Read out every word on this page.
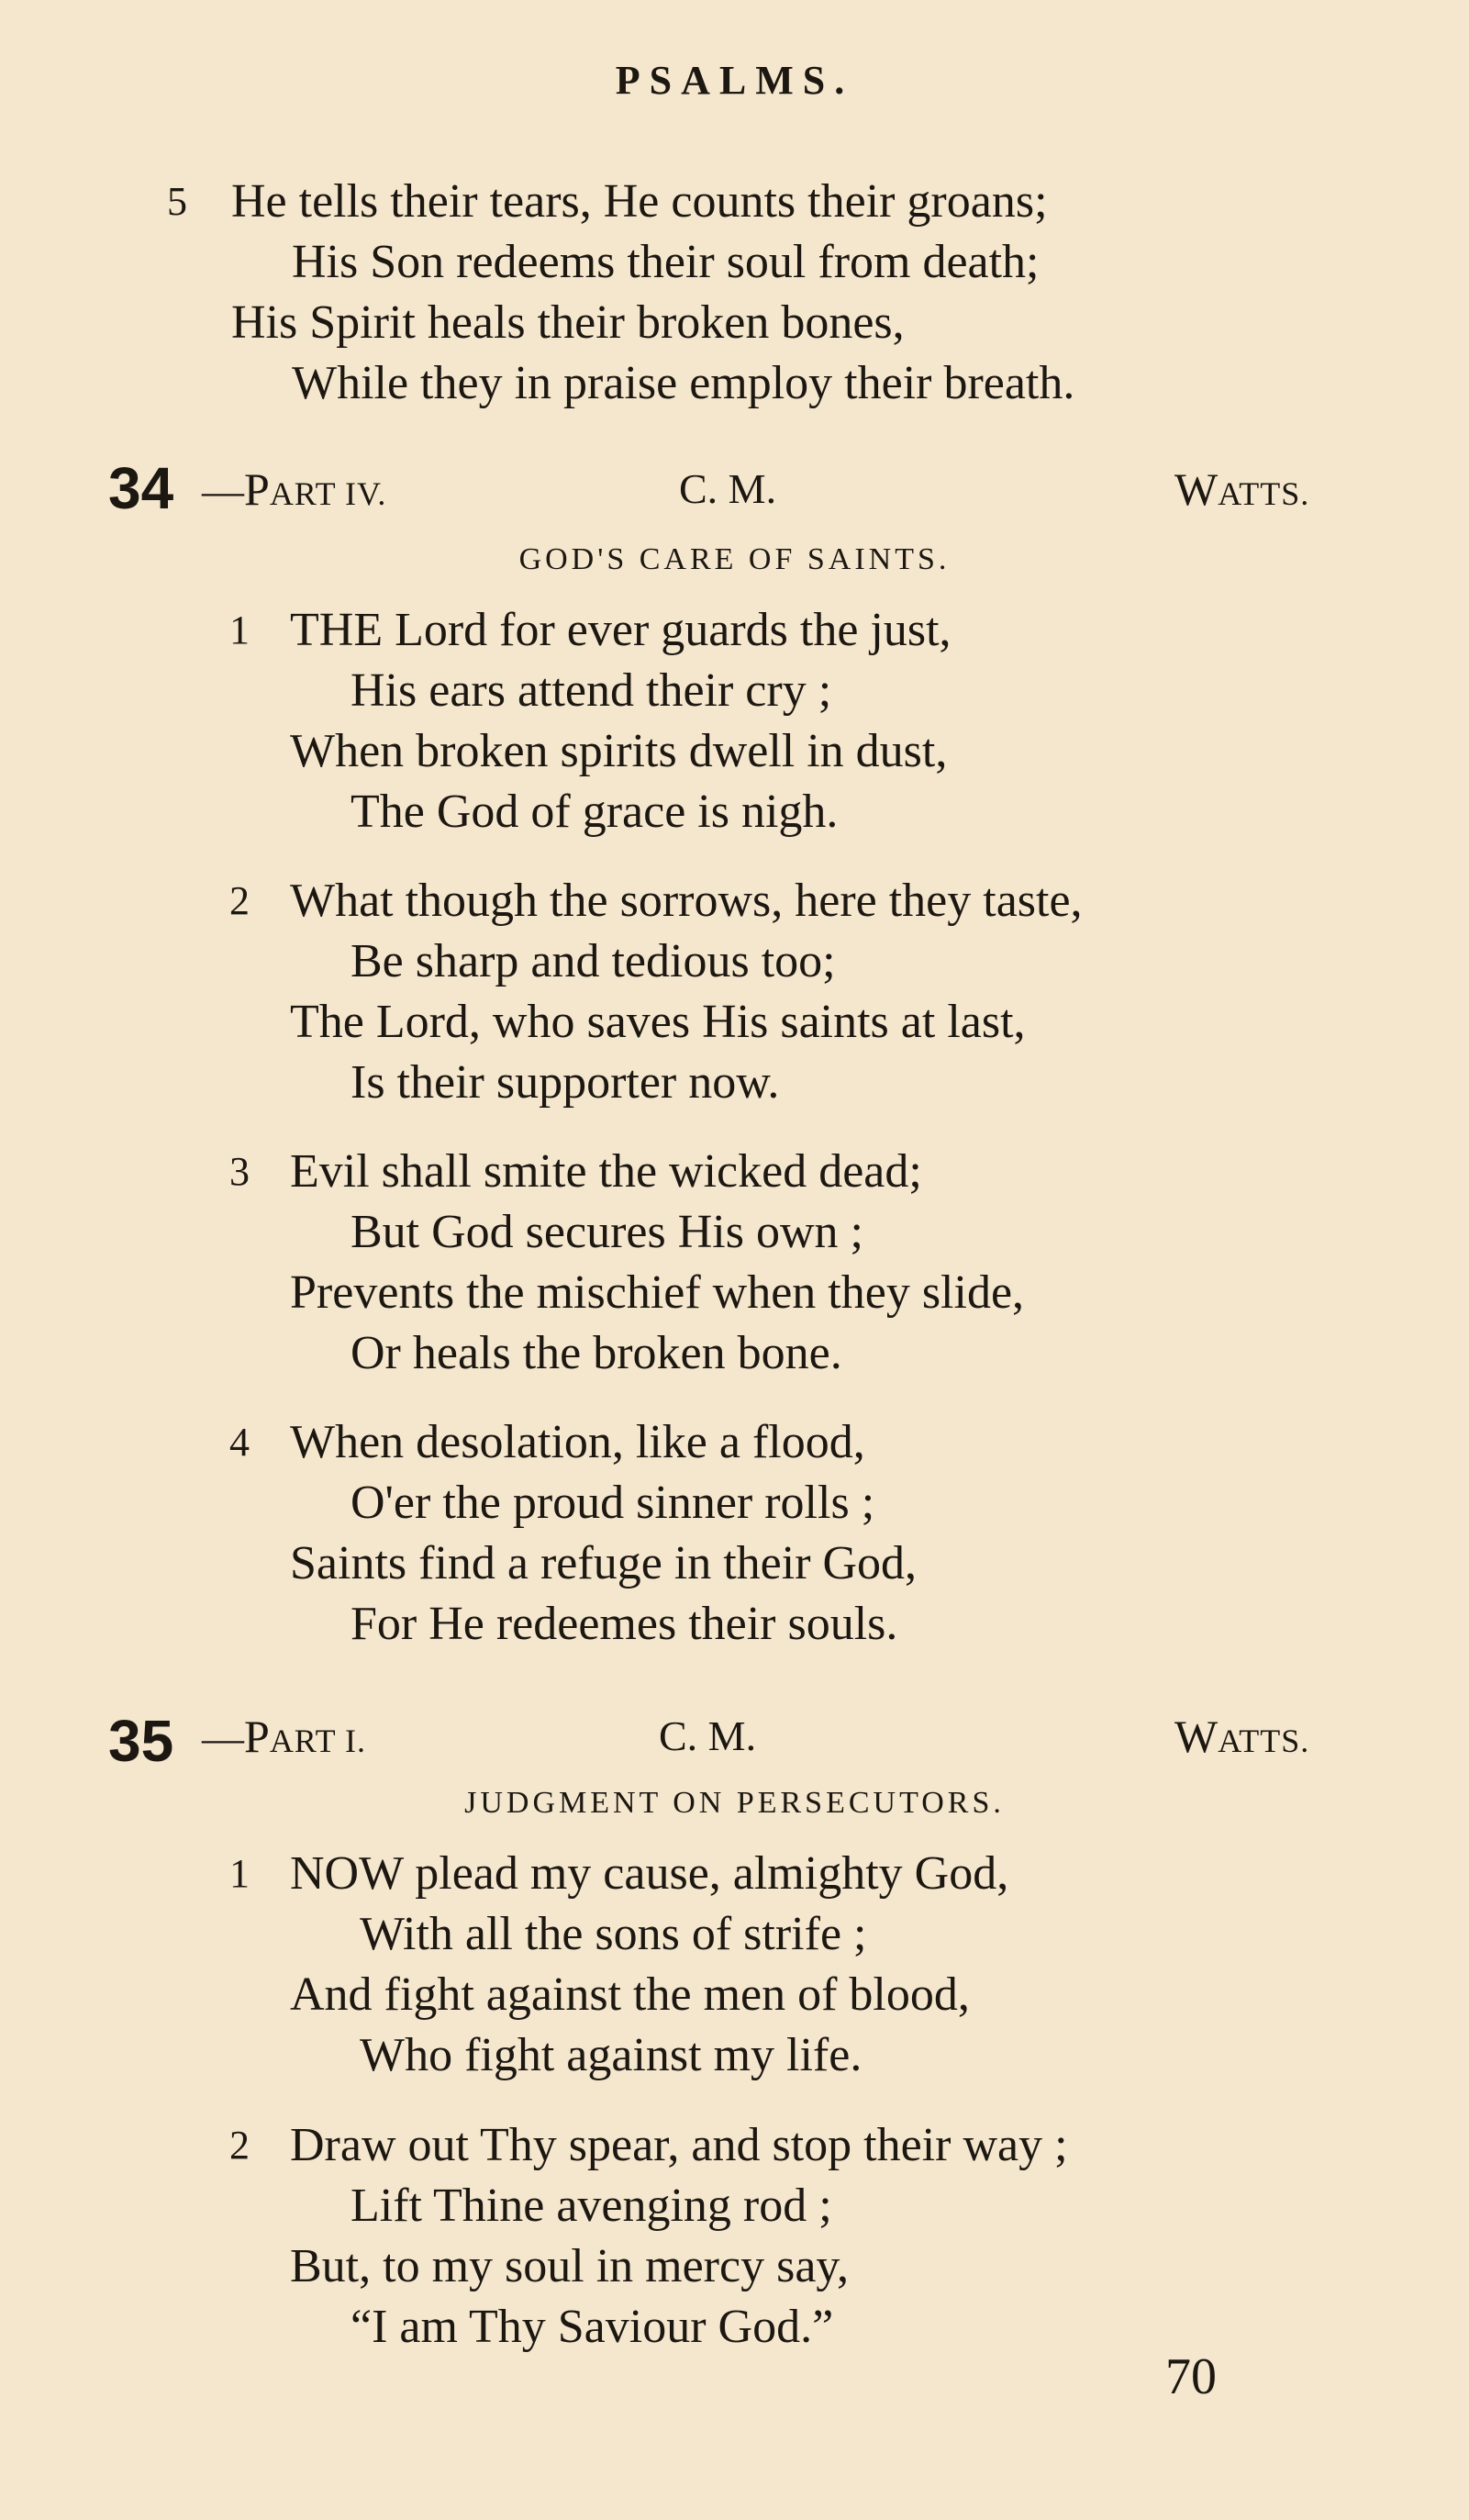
PSALMS.
5 He tells their tears, He counts their groans;
His Son redeems their soul from death;
His Spirit heals their broken bones,
While they in praise employ their breath.
34 —PART IV.	C. M.	WATTS.
GOD'S CARE OF SAINTS.
1 THE Lord for ever guards the just,
His ears attend their cry ;
When broken spirits dwell in dust,
The God of grace is nigh.
2 What though the sorrows, here they taste,
Be sharp and tedious too;
The Lord, who saves His saints at last,
Is their supporter now.
3 Evil shall smite the wicked dead;
But God secures His own ;
Prevents the mischief when they slide,
Or heals the broken bone.
4 When desolation, like a flood,
O'er the proud sinner rolls ;
Saints find a refuge in their God,
For He redeemes their souls.
35 —PART I.	C. M.	WATTS.
JUDGMENT ON PERSECUTORS.
1 NOW plead my cause, almighty God,
With all the sons of strife ;
And fight against the men of blood,
Who fight against my life.
2 Draw out Thy spear, and stop their way ;
Lift Thine avenging rod ;
But, to my soul in mercy say,
“I am Thy Saviour God.”
70
